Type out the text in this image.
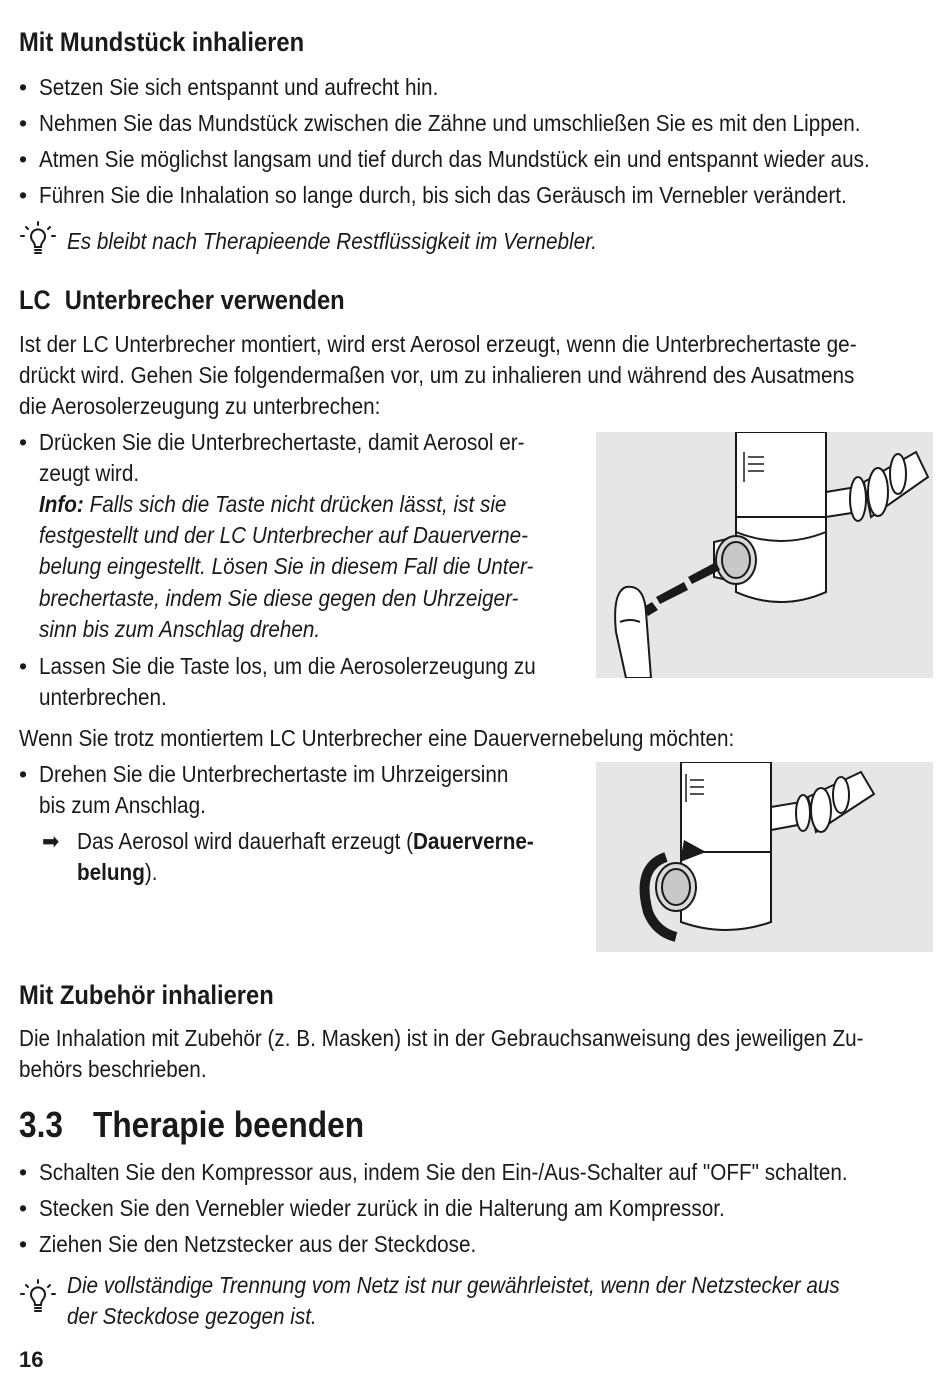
Mit Mundstück inhalieren
• Setzen Sie sich entspannt und aufrecht hin.
• Nehmen Sie das Mundstück zwischen die Zähne und umschließen Sie es mit den Lippen.
• Atmen Sie möglichst langsam und tief durch das Mundstück ein und entspannt wieder aus.
• Führen Sie die Inhalation so lange durch, bis sich das Geräusch im Vernebler verändert.
Es bleibt nach Therapieende Restflüssigkeit im Vernebler.
LC Unterbrecher verwenden
Ist der LC Unterbrecher montiert, wird erst Aerosol erzeugt, wenn die Unterbrechertaste ge-
drückt wird. Gehen Sie folgendermaßen vor, um zu inhalieren und während des Ausatmens
die Aerosolerzeugung zu unterbrechen:
• Drücken Sie die Unterbrechertaste, damit Aerosol er-
zeugt wird.
Info: Falls sich die Taste nicht drücken lässt, ist sie
festgestellt und der LC Unterbrecher auf Dauerverne-
belung eingestellt. Lösen Sie in diesem Fall die Unter-
brechertaste, indem Sie diese gegen den Uhrzeiger-
sinn bis zum Anschlag drehen.
• Lassen Sie die Taste los, um die Aerosolerzeugung zu
unterbrechen.
Wenn Sie trotz montiertem LC Unterbrecher eine Dauervernebelung möchten:
• Drehen Sie die Unterbrechertaste im Uhrzeigersinn
bis zum Anschlag.
➡ Das Aerosol wird dauerhaft erzeugt (Dauerverne-
belung).
Mit Zubehör inhalieren
Die Inhalation mit Zubehör (z. B. Masken) ist in der Gebrauchsanweisung des jeweiligen Zu-
behörs beschrieben.
3.3 Therapie beenden
• Schalten Sie den Kompressor aus, indem Sie den Ein-/Aus-Schalter auf "OFF" schalten.
• Stecken Sie den Vernebler wieder zurück in die Halterung am Kompressor.
• Ziehen Sie den Netzstecker aus der Steckdose.
Die vollständige Trennung vom Netz ist nur gewährleistet, wenn der Netzstecker aus
der Steckdose gezogen ist.
16
